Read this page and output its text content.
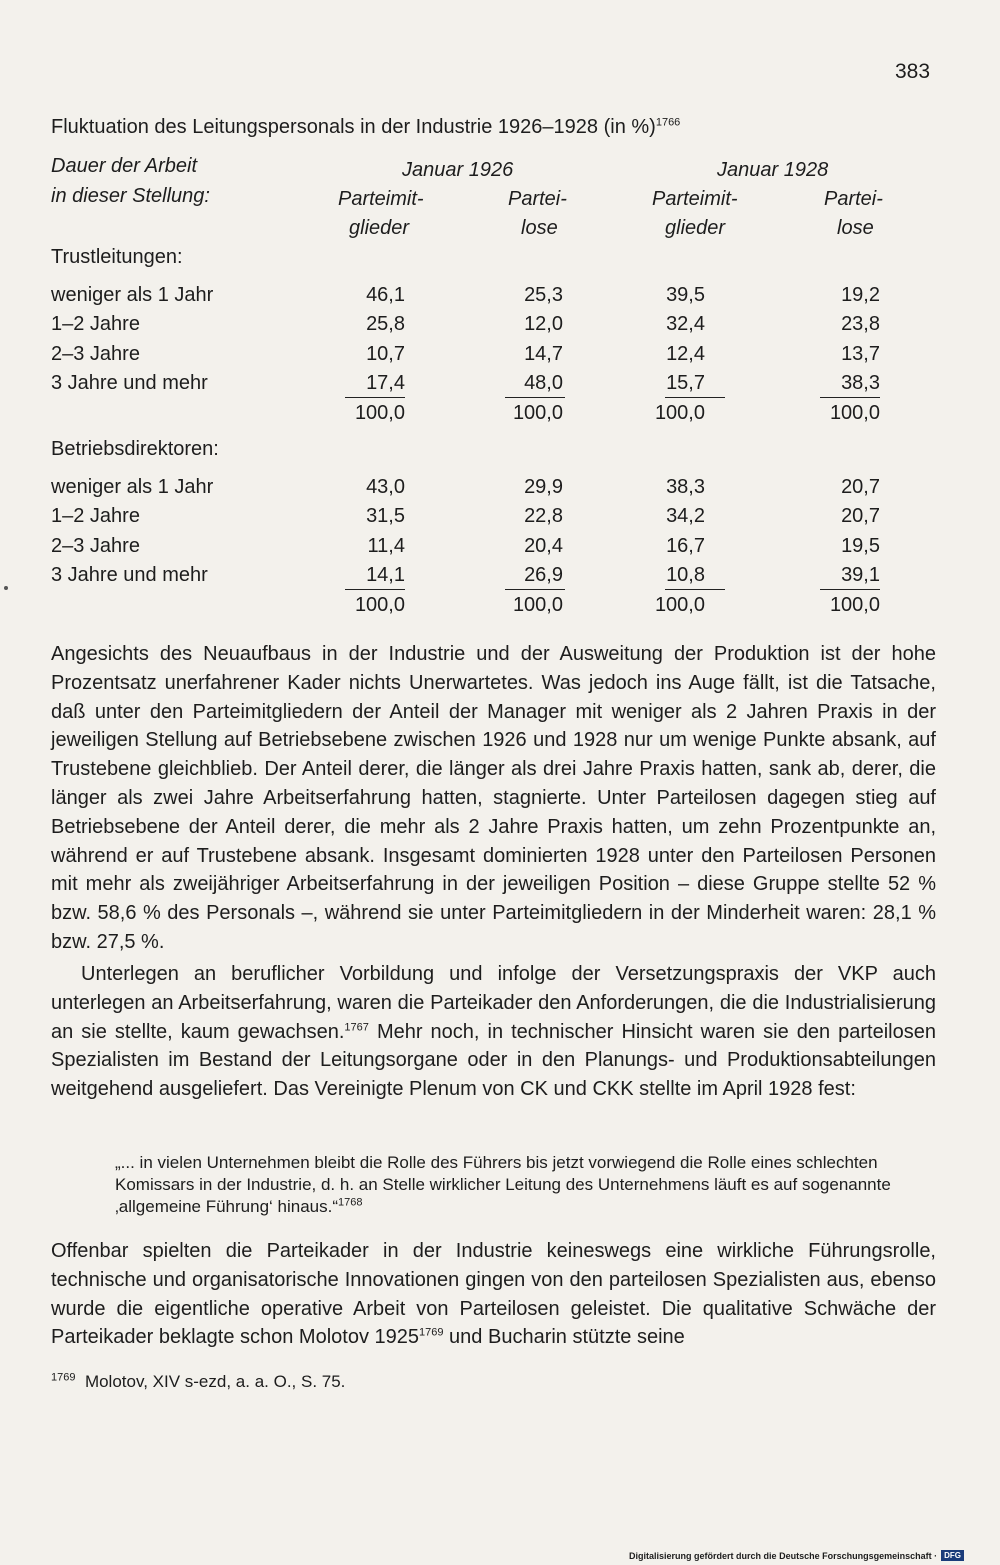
383
Fluktuation des Leitungspersonals in der Industrie 1926–1928 (in %)$^{1766}$
Dauer der Arbeit
in dieser Stellung:
Januar 1926	Januar 1928
Parteimit-
glieder
Partei-
lose
Parteimit-
glieder
Partei-
lose
Trustleitungen:
weniger als 1 Jahr	46,1	25,3	39,5	19,2
1–2 Jahre	25,8	12,0	32,4	23,8
2–3 Jahre	10,7	14,7	12,4	13,7
3 Jahre und mehr	17,4	48,0	15,7	38,3
100,0	100,0	100,0	100,0
Betriebsdirektoren:
weniger als 1 Jahr	43,0	29,9	38,3	20,7
1–2 Jahre	31,5	22,8	34,2	20,7
2–3 Jahre	11,4	20,4	16,7	19,5
3 Jahre und mehr	14,1	26,9	10,8	39,1
100,0	100,0	100,0	100,0

Angesichts des Neuaufbaus in der Industrie und der Ausweitung der Produktion ist der hohe Prozentsatz unerfahrener Kader nichts Unerwartetes. Was jedoch ins Auge fällt, ist die Tatsache, daß unter den Parteimitgliedern der Anteil der Manager mit weniger als 2 Jahren Praxis in der jeweiligen Stellung auf Betriebsebene zwischen 1926 und 1928 nur um wenige Punkte absank, auf Trustebene gleichblieb. Der Anteil derer, die länger als drei Jahre Praxis hatten, sank ab, derer, die länger als zwei Jahre Arbeitserfahrung hatten, stagnierte. Unter Parteilosen dagegen stieg auf Betriebsebene der Anteil derer, die mehr als 2 Jahre Praxis hatten, um zehn Prozentpunkte an, während er auf Trustebene absank. Insgesamt dominierten 1928 unter den Parteilosen Personen mit mehr als zweijähriger Arbeitserfahrung in der jeweiligen Position – diese Gruppe stellte 52 % bzw. 58,6 % des Personals –, während sie unter Parteimitgliedern in der Minderheit waren: 28,1 % bzw. 27,5 %.

Unterlegen an beruflicher Vorbildung und infolge der Versetzungspraxis der VKP auch unterlegen an Arbeitserfahrung, waren die Parteikader den Anforderungen, die die Industrialisierung an sie stellte, kaum gewachsen.$^{1767}$ Mehr noch, in technischer Hinsicht waren sie den parteilosen Spezialisten im Bestand der Leitungsorgane oder in den Planungs- und Produktionsabteilungen weitgehend ausgeliefert. Das Vereinigte Plenum von CK und CKK stellte im April 1928 fest:

„... in vielen Unternehmen bleibt die Rolle des Führers bis jetzt vorwiegend die Rolle eines schlechten Komissars in der Industrie, d. h. an Stelle wirklicher Leitung des Unternehmens läuft es auf sogenannte ‚allgemeine Führung‘ hinaus.“$^{1768}$

Offenbar spielten die Parteikader in der Industrie keineswegs eine wirkliche Führungsrolle, technische und organisatorische Innovationen gingen von den parteilosen Spezialisten aus, ebenso wurde die eigentliche operative Arbeit von Parteilosen geleistet. Die qualitative Schwäche der Parteikader beklagte schon Molotov $1925^{1769}$ und Bucharin stützte seine

$^{1769}$ Molotov, XIV s-ezd, a. a. O., S. 75.
Digitalisierung gefördert durch die Deutsche Forschungsgemeinschaft · DFG
